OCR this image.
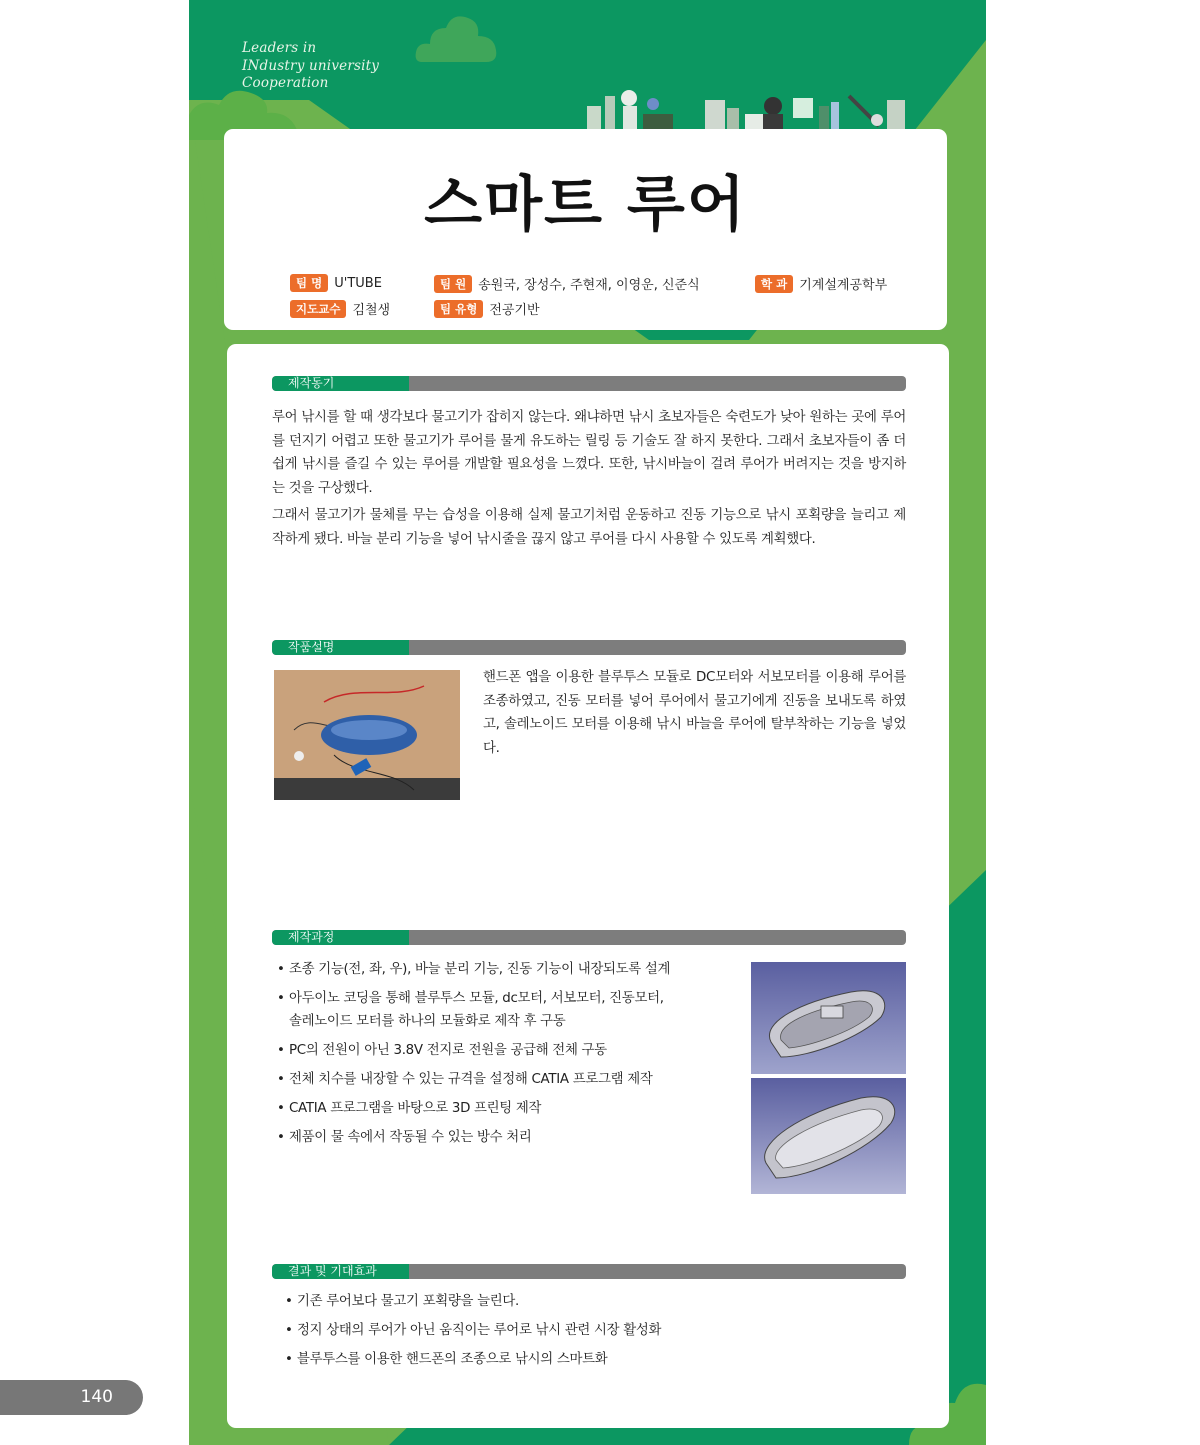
Leaders in
INdustry university
Cooperation
스마트 루어
팀 명 U'TUBE	팀 원 송원국, 장성수, 주현재, 이영운, 신준식	학 과 기계설계공학부
지도교수 김철생	팀 유형 전공기반
제작동기

루어 낚시를 할 때 생각보다 물고기가 잡히지 않는다. 왜냐하면 낚시 초보자들은 숙련도가 낮아 원하는 곳에 루어를 던지기 어렵고 또한 물고기가 루어를 물게 유도하는 릴링 등 기술도 잘 하지 못한다. 그래서 초보자들이 좀 더 쉽게 낚시를 즐길 수 있는 루어를 개발할 필요성을 느꼈다. 또한, 낚시바늘이 걸려 루어가 버려지는 것을 방지하는 것을 구상했다.

그래서 물고기가 물체를 무는 습성을 이용해 실제 물고기처럼 운동하고 진동 기능으로 낚시 포획량을 늘리고 제작하게 됐다. 바늘 분리 기능을 넣어 낚시줄을 끊지 않고 루어를 다시 사용할 수 있도록 계획했다.

작품설명

핸드폰 앱을 이용한 블루투스 모듈로 DC모터와 서보모터를 이용해 루어를 조종하였고, 진동 모터를 넣어 루어에서 물고기에게 진동을 보내도록 하였고, 솔레노이드 모터를 이용해 낚시 바늘을 루어에 탈부착하는 기능을 넣었다.

제작과정
• 조종 기능(전, 좌, 우), 바늘 분리 기능, 진동 기능이 내장되도록 설계
• 아두이노 코딩을 통해 블루투스 모듈, dc모터, 서보모터, 진동모터, 솔레노이드 모터를 하나의 모듈화로 제작 후 구동
• PC의 전원이 아닌 3.8V 전지로 전원을 공급해 전체 구동
• 전체 치수를 내장할 수 있는 규격을 설정해 CATIA 프로그램 제작
• CATIA 프로그램을 바탕으로 3D 프린팅 제작
• 제품이 물 속에서 작동될 수 있는 방수 처리
결과 및 기대효과
• 기존 루어보다 물고기 포획량을 늘린다.
• 정지 상태의 루어가 아닌 움직이는 루어로 낚시 관련 시장 활성화
• 블루투스를 이용한 핸드폰의 조종으로 낚시의 스마트화
140
